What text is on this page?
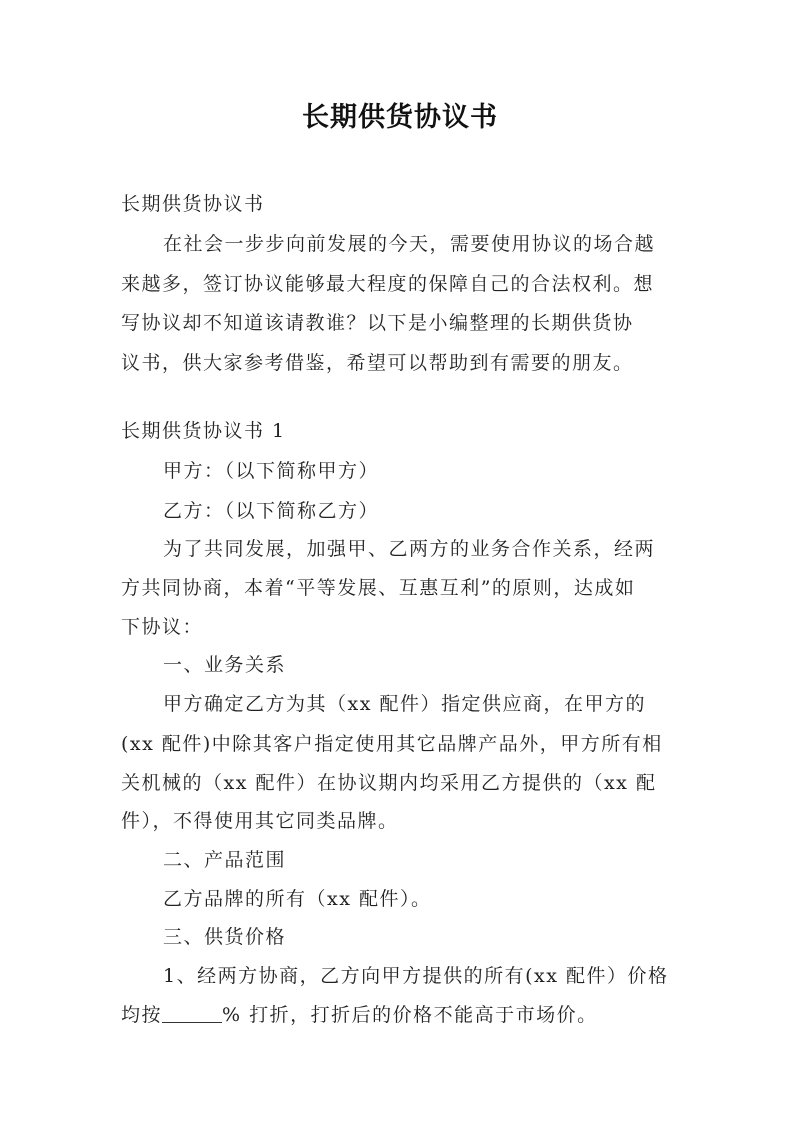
长期供货协议书
长期供货协议书
在社会一步步向前发展的今天，需要使用协议的场合越
来越多，签订协议能够最大程度的保障自己的合法权利。想
写协议却不知道该请教谁？以下是小编整理的长期供货协
议书，供大家参考借鉴，希望可以帮助到有需要的朋友。
长期供货协议书 1
甲方：（以下简称甲方）
乙方：（以下简称乙方）
为了共同发展，加强甲、乙两方的业务合作关系，经两
方共同协商，本着“平等发展、互惠互利”的原则，达成如
下协议：
一、业务关系
甲方确定乙方为其（xx 配件）指定供应商，在甲方的
(xx 配件)中除其客户指定使用其它品牌产品外，甲方所有相
关机械的（xx 配件）在协议期内均采用乙方提供的（xx 配
件），不得使用其它同类品牌。
二、产品范围
乙方品牌的所有（xx 配件）。
三、供货价格
1、经两方协商，乙方向甲方提供的所有(xx 配件）价格
均按	% 打折，打折后的价格不能高于市场价。
